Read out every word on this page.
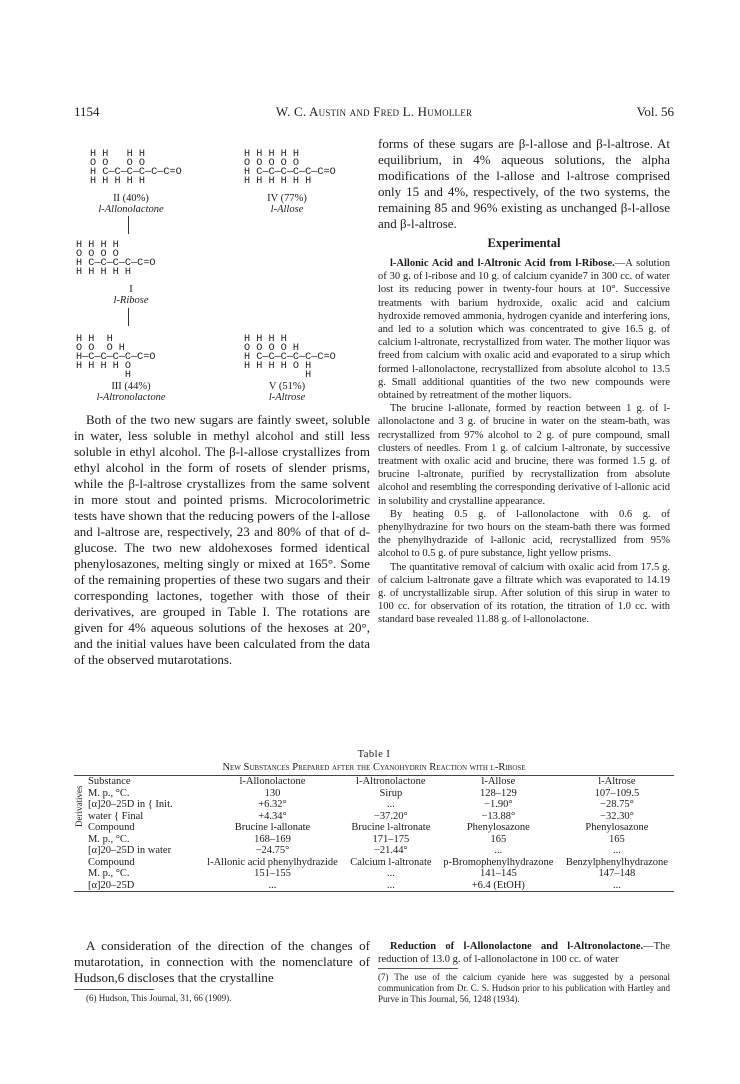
1154	W. C. Austin and Fred L. Humoller	Vol. 56
H H   H H
O O   O O
H C—C—C—C—C—C=O
H H H H H
II (40%)
l-Allonolactone
H H H H H
O O O O O
H C—C—C—C—C—C=O
H H H H H H
IV (77%)
l-Allose
H H H H
O O O O
H C—C—C—C—C=O
H H H H H
I
l-Ribose
H H  H
O O  O H
H—C—C—C—C—C=O
H H H H O
H
III (44%)
l-Altronolactone
H H H H
O O O O H
H C—C—C—C—C—C=O
H H H H O H
H
V (51%)
l-Altrose

Both of the two new sugars are faintly sweet, soluble in water, less soluble in methyl alcohol and still less soluble in ethyl alcohol. The β-l-allose crystallizes from ethyl alcohol in the form of rosets of slender prisms, while the β-l-altrose crystallizes from the same solvent in more stout and pointed prisms. Microcolorimetric tests have shown that the reducing powers of the l-allose and l-altrose are, respectively, 23 and 80% of that of d-glucose. The two new aldohexoses formed identical phenylosazones, melting singly or mixed at 165°. Some of the remaining properties of these two sugars and their corresponding lactones, together with those of their derivatives, are grouped in Table I. The rotations are given for 4% aqueous solutions of the hexoses at 20°, and the initial values have been calculated from the data of the observed mutarotations.

forms of these sugars are β-l-allose and β-l-altrose. At equilibrium, in 4% aqueous solutions, the alpha modifications of the l-allose and l-altrose comprised only 15 and 4%, respectively, of the two systems, the remaining 85 and 96% existing as unchanged β-l-allose and β-l-altrose.

Experimental

l-Allonic Acid and l-Altronic Acid from l-Ribose.—A solution of 30 g. of l-ribose and 10 g. of calcium cyanide7 in 300 cc. of water lost its reducing power in twenty-four hours at 10°. Successive treatments with barium hydroxide, oxalic acid and calcium hydroxide removed ammonia, hydrogen cyanide and interfering ions, and led to a solution which was concentrated to give 16.5 g. of calcium l-altronate, recrystallized from water. The mother liquor was freed from calcium with oxalic acid and evaporated to a sirup which formed l-allonolactone, recrystallized from absolute alcohol to 13.5 g. Small additional quantities of the two new compounds were obtained by retreatment of the mother liquors.

The brucine l-allonate, formed by reaction between 1 g. of l-allonolactone and 3 g. of brucine in water on the steam-bath, was recrystallized from 97% alcohol to 2 g. of pure compound, small clusters of needles. From 1 g. of calcium l-altronate, by successive treatment with oxalic acid and brucine, there was formed 1.5 g. of brucine l-altronate, purified by recrystallization from absolute alcohol and resembling the corresponding derivative of l-allonic acid in solubility and crystalline appearance.

By heating 0.5 g. of l-allonolactone with 0.6 g. of phenylhydrazine for two hours on the steam-bath there was formed the phenylhydrazide of l-allonic acid, recrystallized from 95% alcohol to 0.5 g. of pure substance, light yellow prisms.

The quantitative removal of calcium with oxalic acid from 17.5 g. of calcium l-altronate gave a filtrate which was evaporated to 14.19 g. of uncrystallizable sirup. After solution of this sirup in water to 100 cc. for observation of its rotation, the titration of 1.0 cc. with standard base revealed 11.88 g. of l-allonolactone.

Table I
New Substances Prepared after the Cyanohydrin Reaction with l-Ribose
Substance	l-Allonolactone	l-Altronolactone	l-Allose	l-Altrose
M. p., °C.	130	Sirup	128–129	107–109.5
[α]20–25D in { Init.	+6.32°	...	−1.90°	−28.75°
water { Final	+4.34°	−37.20°	−13.88°	−32.30°
Compound	Brucine l-allonate	Brucine l-altronate	Phenylosazone	Phenylosazone
M. p., °C.	168–169	171–175	165	165
[α]20–25D in water	−24.75°	−21.44°	...	...
Compound	l-Allonic acid phenylhydrazide	Calcium l-altronate	p-Bromophenylhydrazone	Benzylphenylhydrazone
M. p., °C.	151–155	...	141–145	147–148
[α]20–25D	...	...	+6.4 (EtOH)	...
Derivatives

A consideration of the direction of the changes of mutarotation, in connection with the nomenclature of Hudson,6 discloses that the crystalline

(6) Hudson, This Journal, 31, 66 (1909).

Reduction of l-Allonolactone and l-Altronolactone.—The reduction of 13.0 g. of l-allonolactone in 100 cc. of water

(7) The use of the calcium cyanide here was suggested by a personal communication from Dr. C. S. Hudson prior to his publication with Hartley and Purve in This Journal, 56, 1248 (1934).
